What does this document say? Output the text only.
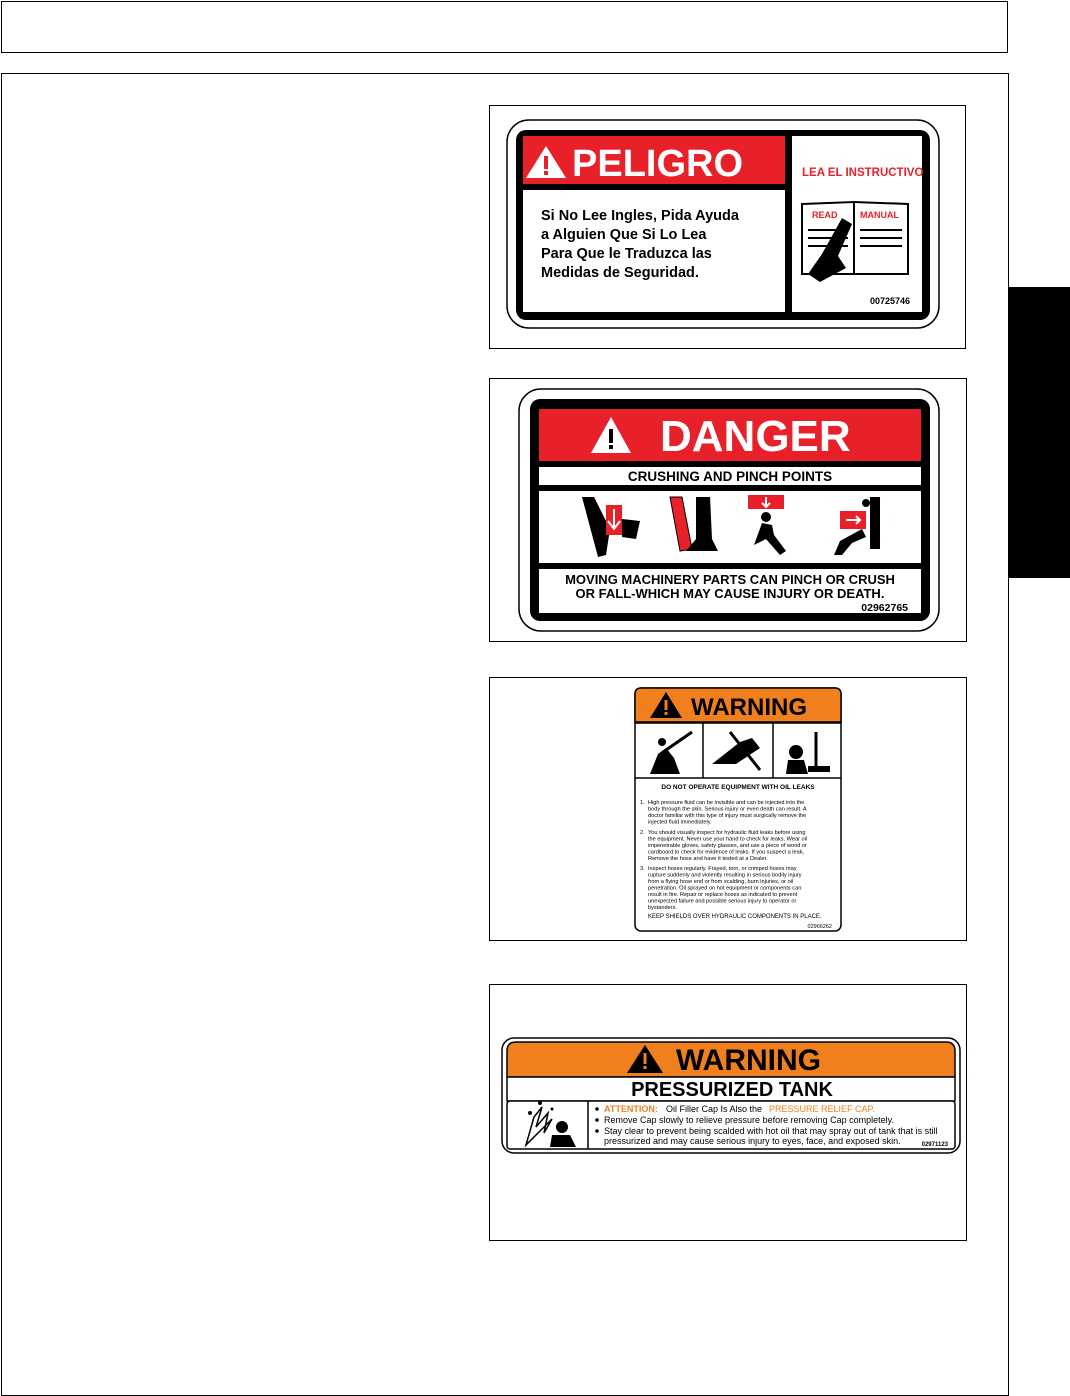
PELIGRO
Si No Lee Ingles, Pida Ayuda
a Alguien Que Si Lo Lea
Para Que le Traduzca las
Medidas de Seguridad.
LEA EL INSTRUCTIVO
READ MANUAL
00725746
DANGER
CRUSHING AND PINCH POINTS
MOVING MACHINERY PARTS CAN PINCH OR CRUSH
OR FALL-WHICH MAY CAUSE INJURY OR DEATH.
02962765
WARNING
DO NOT OPERATE EQUIPMENT WITH OIL LEAKS
1. High pressure fluid can be invisible and can be injected into the
body through the skin. Serious injury or even death can result. A
doctor familiar with this type of injury must surgically remove the
injected fluid immediately.
2. You should visually inspect for hydraulic fluid leaks before using
the equipment. Never use your hand to check for leaks. Wear oil
impenetrable gloves, safety glasses, and use a piece of wood or
cardboard to check for evidence of leaks. If you suspect a leak,
Remove the hose and have it tested at a Dealer.
3. Inspect hoses regularly. Frayed, torn, or crimped hoses may
rupture suddenly and violently resulting in serious bodily injury
from a flying hose end or from scalding, burn injuries, or oil
penetration. Oil sprayed on hot equipment or components can
result in fire. Repair or replace hoses as indicated to prevent
unexpected failure and possible serious injury to operator or
bystanders.
KEEP SHIELDS OVER HYDRAULIC COMPONENTS IN PLACE.
02966262
WARNING
PRESSURIZED TANK
ATTENTION: Oil Filler Cap Is Also the PRESSURE RELIEF CAP.
Remove Cap slowly to relieve pressure before removing Cap completely.
Stay clear to prevent being scalded with hot oil that may spray out of tank that is still
pressurized and may cause serious injury to eyes, face, and exposed skin.	02971123
